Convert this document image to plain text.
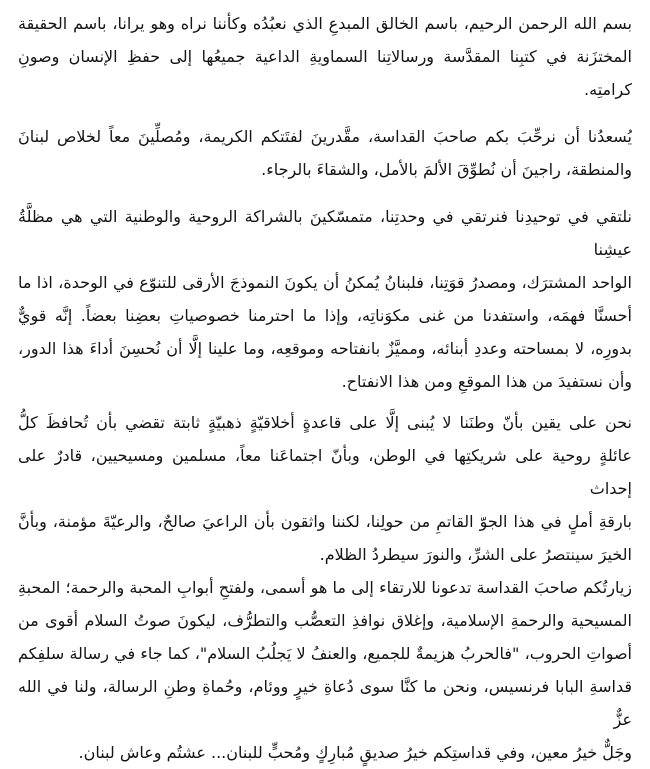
بسم الله الرحمن الرحيم، باسم الخالق المبدعِ الذي نعبُدُه وكأننا نراه وهو يرانا، باسم الحقيقة
المختزَنة في كتبِنا المقدَّسة ورسالاتِنا السماويةِ الداعية جميعُها إلى حفظِ الإنسان وصونِ كرامتِه.
يُسعدُنا أن نرحِّبَ بكم صاحبَ القداسة، مقَّدرينَ لفتَتكم الكريمة، ومُصلِّينَ معاً لخلاص لبنانَ
والمنطقة، راجينَ أن نُطوِّقَ الألمَ بالأمل، والشقاءَ بالرجاء.
نلتقي في توحيدِنا فنرتقي في وحدتِنا، متمسّكينَ بالشراكة الروحية والوطنية التي هي مظلَّةُ عيشِنا
الواحد المشترَك، ومصدرُ قوَتِنا، فلبنانُ يُمكنُ أن يكونَ النموذجَ الأرقى للتنوّع في الوحدة، اذا ما
أحسنَّا فهمَه، واستفدنا من غنى مكوَناتِه، وإذا ما احترمنا خصوصياتِ بعضِنا بعضاً. إنَّه قويٌّ
بدورِه، لا بمساحته وعددِ أبنائه، ومميَّزٌ بانفتاحه وموقعِه، وما علينا إلَّا أن نُحسِنَ أداءَ هذا الدور،
وأن نستفيدَ من هذا الموقعِ ومن هذا الانفتاح.
نحن على يقين بأنّ وطنَنا لا يُبنى إلَّا على قاعدةٍ أخلاقيّةٍ ذهبيّةٍ ثابتة تقضي بأن تُحافظَ كلُّ
عائلةٍ روحية على شريكتِها في الوطن، وبأنّ اجتماعَنا معاً، مسلمين ومسيحيين، قادرٌ على إحداث
بارقةِ أملٍ في هذا الجوّ القاتمِ من حولِنا، لكننا واثقون بأن الراعيَ صالحٌ، والرعيّةَ مؤمنة، وبأنَّ
الخيرَ سينتصرُ على الشرِّ، والنورَ سيطردُ الظلام.
زيارتُكم صاحبَ القداسة تدعونا للارتقاء إلى ما هو أسمى، ولفتحِ أبوابِ المحبة والرحمة؛ المحبةِ
المسيحية والرحمةِ الإسلامية، وإغلاق نوافذِ التعصُّب والتطرُّف، ليكونَ صوتُ السلام أقوى من
أصواتِ الحروب، "فالحربُ هزيمةٌ للجميع، والعنفُ لا يَجلُبُ السلام"، كما جاء في رسالة سلفِكم
قداسةِ البابا فرنسيس، ونحن ما كنَّا سوى دُعاةِ خيرٍ ووئام، وحُماةِ وطنِ الرسالة، ولنا في الله عزٌّ
وجَلٌّ خيرُ معين، وفي قداستِكم خيرُ صديقٍ مُبارِكٍ ومُحبٍّ للبنان... عشتُم وعاش لبنان.
